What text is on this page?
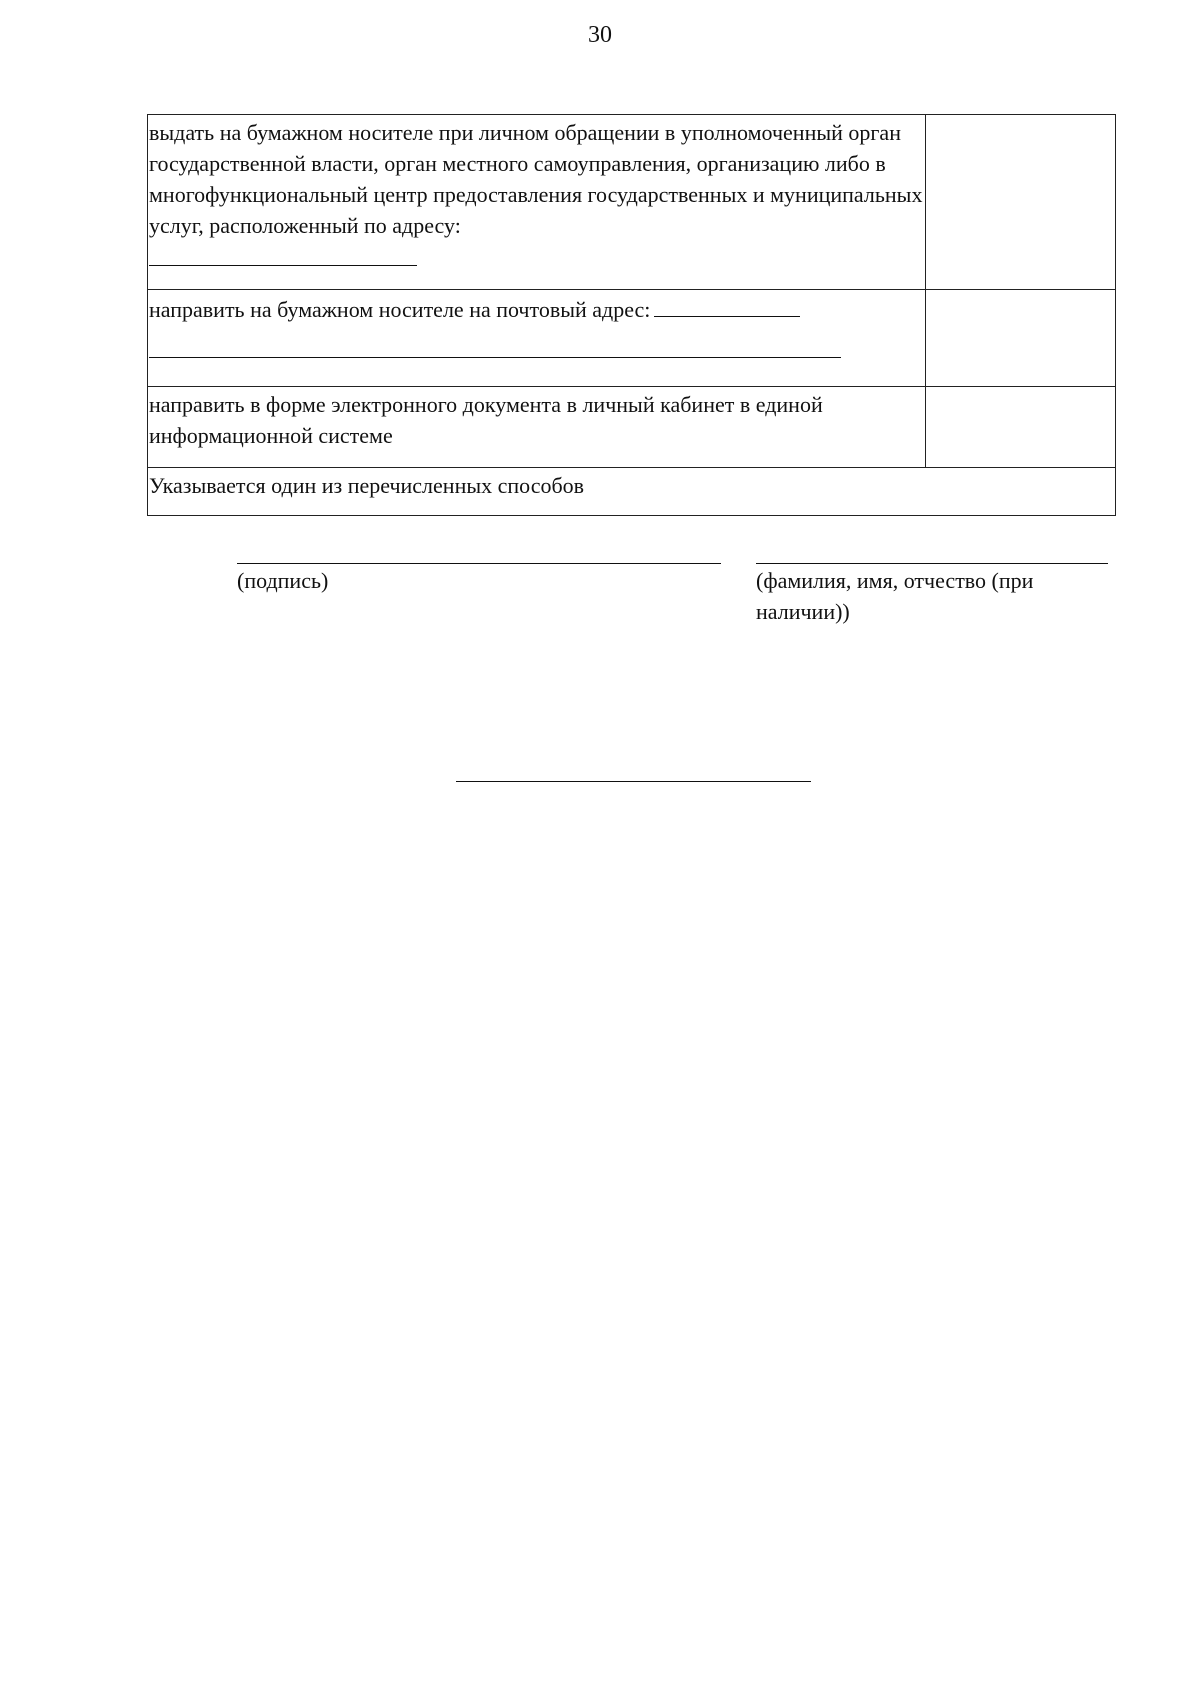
30
выдать на бумажном носителе при личном обращении в уполномоченный орган государственной власти, орган местного самоуправления, организацию либо в многофункциональный центр предоставления государственных и муниципальных услуг, расположенный по адресу:

направить на бумажном носителе на почтовый адрес:

направить в форме электронного документа в личный кабинет в единой информационной системе	
Указывается один из перечисленных способов	
(подпись)	(фамилия, имя, отчество (при наличии))
